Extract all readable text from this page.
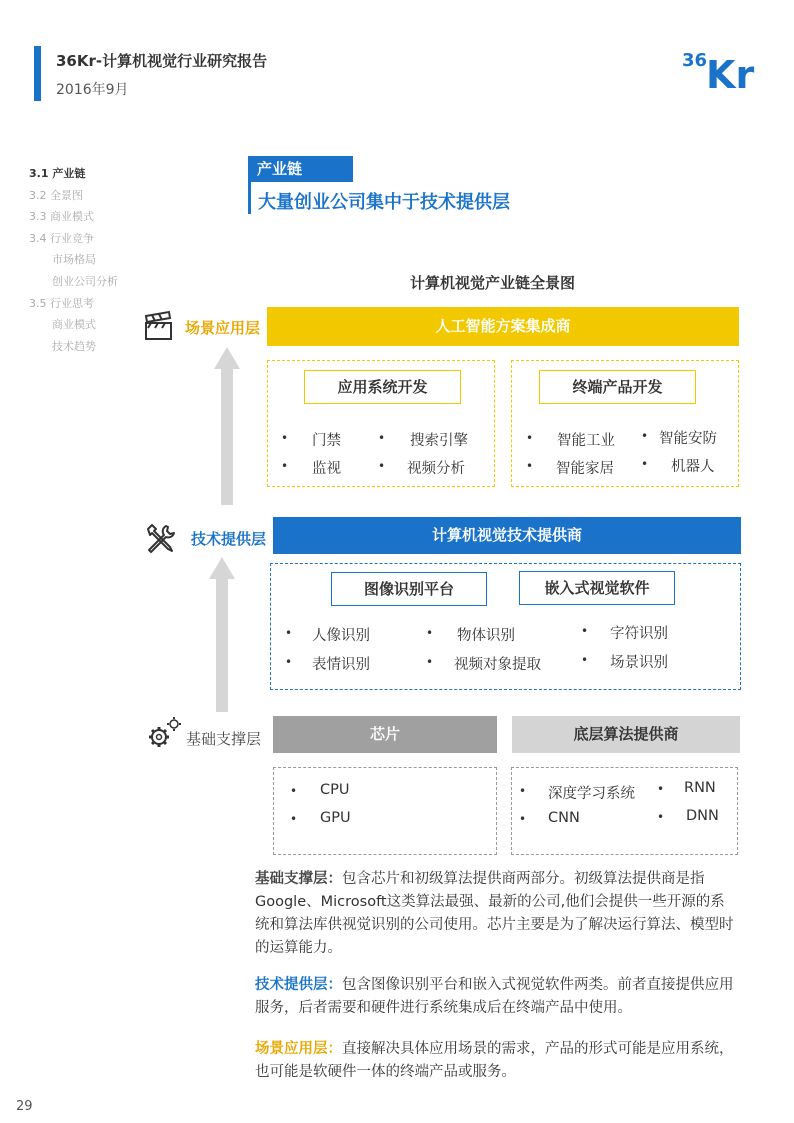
36Kr-计算机视觉行业研究报告
2016年9月
36
Kr
3.1 产业链
3.2 全景图
3.3 商业模式
3.4 行业竞争
市场格局
创业公司分析
3.5 行业思考
商业模式
技术趋势
产业链
大量创业公司集中于技术提供层
计算机视觉产业链全景图
场景应用层	人工智能方案集成商
应用系统开发
• 门禁	• 搜索引擎
• 监视	• 视频分析
终端产品开发
• 智能工业 • 智能安防
• 智能家居 • 机器人
技术提供层	计算机视觉技术提供商
图像识别平台	嵌入式视觉软件
• 人像识别	• 物体识别	• 字符识别
• 表情识别	• 视频对象提取	• 场景识别
基础支撑层	芯片	底层算法提供商
• CPU
• GPU
• 深度学习系统 • RNN
• CNN	• DNN
基础支撑层：包含芯片和初级算法提供商两部分。初级算法提供商是指Google、Microsoft这类算法最强、最新的公司,他们会提供一些开源的系统和算法库供视觉识别的公司使用。芯片主要是为了解决运行算法、模型时的运算能力。
技术提供层：包含图像识别平台和嵌入式视觉软件两类。前者直接提供应用服务，后者需要和硬件进行系统集成后在终端产品中使用。
场景应用层：直接解决具体应用场景的需求，产品的形式可能是应用系统，也可能是软硬件一体的终端产品或服务。
29
